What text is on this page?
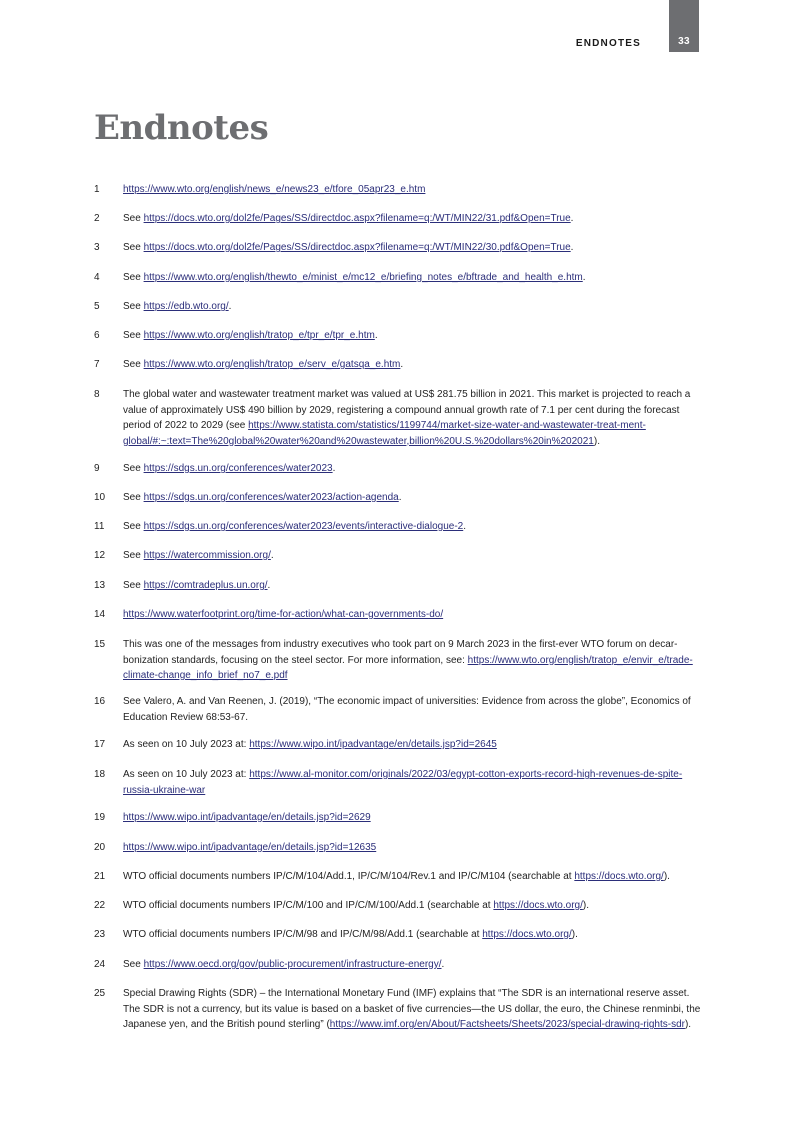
33
ENDNOTES
Endnotes
1	https://www.wto.org/english/news_e/news23_e/tfore_05apr23_e.htm
2	See https://docs.wto.org/dol2fe/Pages/SS/directdoc.aspx?filename=q:/WT/MIN22/31.pdf&Open=True.
3	See https://docs.wto.org/dol2fe/Pages/SS/directdoc.aspx?filename=q:/WT/MIN22/30.pdf&Open=True.
4	See https://www.wto.org/english/thewto_e/minist_e/mc12_e/briefing_notes_e/bftrade_and_health_e.htm.
5	See https://edb.wto.org/.
6	See https://www.wto.org/english/tratop_e/tpr_e/tpr_e.htm.
7	See https://www.wto.org/english/tratop_e/serv_e/gatsqa_e.htm.
8	The global water and wastewater treatment market was valued at US$ 281.75 billion in 2021. This market is projected to reach a value of approximately US$ 490 billion by 2029, registering a compound annual growth rate of 7.1 per cent during the forecast period of 2022 to 2029 (see https://www.statista.com/statistics/1199744/market-size-water-and-wastewater-treat-ment-global/#:~:text=The%20global%20water%20and%20wastewater,billion%20U.S.%20dollars%20in%202021).
9	See https://sdgs.un.org/conferences/water2023.
10	See https://sdgs.un.org/conferences/water2023/action-agenda.
11	See https://sdgs.un.org/conferences/water2023/events/interactive-dialogue-2.
12	See https://watercommission.org/.
13	See https://comtradeplus.un.org/.
14	https://www.waterfootprint.org/time-for-action/what-can-governments-do/
15	This was one of the messages from industry executives who took part on 9 March 2023 in the first-ever WTO forum on decar-bonization standards, focusing on the steel sector. For more information, see: https://www.wto.org/english/tratop_e/envir_e/trade-climate-change_info_brief_no7_e.pdf
16	See Valero, A. and Van Reenen, J. (2019), “The economic impact of universities: Evidence from across the globe”, Economics of Education Review 68:53-67.
17	As seen on 10 July 2023 at: https://www.wipo.int/ipadvantage/en/details.jsp?id=2645
18	As seen on 10 July 2023 at: https://www.al-monitor.com/originals/2022/03/egypt-cotton-exports-record-high-revenues-de-spite-russia-ukraine-war
19	https://www.wipo.int/ipadvantage/en/details.jsp?id=2629
20	https://www.wipo.int/ipadvantage/en/details.jsp?id=12635
21	WTO official documents numbers IP/C/M/104/Add.1, IP/C/M/104/Rev.1 and IP/C/M104 (searchable at https://docs.wto.org/).
22	WTO official documents numbers IP/C/M/100 and IP/C/M/100/Add.1 (searchable at https://docs.wto.org/).
23	WTO official documents numbers IP/C/M/98 and IP/C/M/98/Add.1 (searchable at https://docs.wto.org/).
24	See https://www.oecd.org/gov/public-procurement/infrastructure-energy/.
25	Special Drawing Rights (SDR) – the International Monetary Fund (IMF) explains that “The SDR is an international reserve asset. The SDR is not a currency, but its value is based on a basket of five currencies—the US dollar, the euro, the Chinese renminbi, the Japanese yen, and the British pound sterling” (https://www.imf.org/en/About/Factsheets/Sheets/2023/special-drawing-rights-sdr).
